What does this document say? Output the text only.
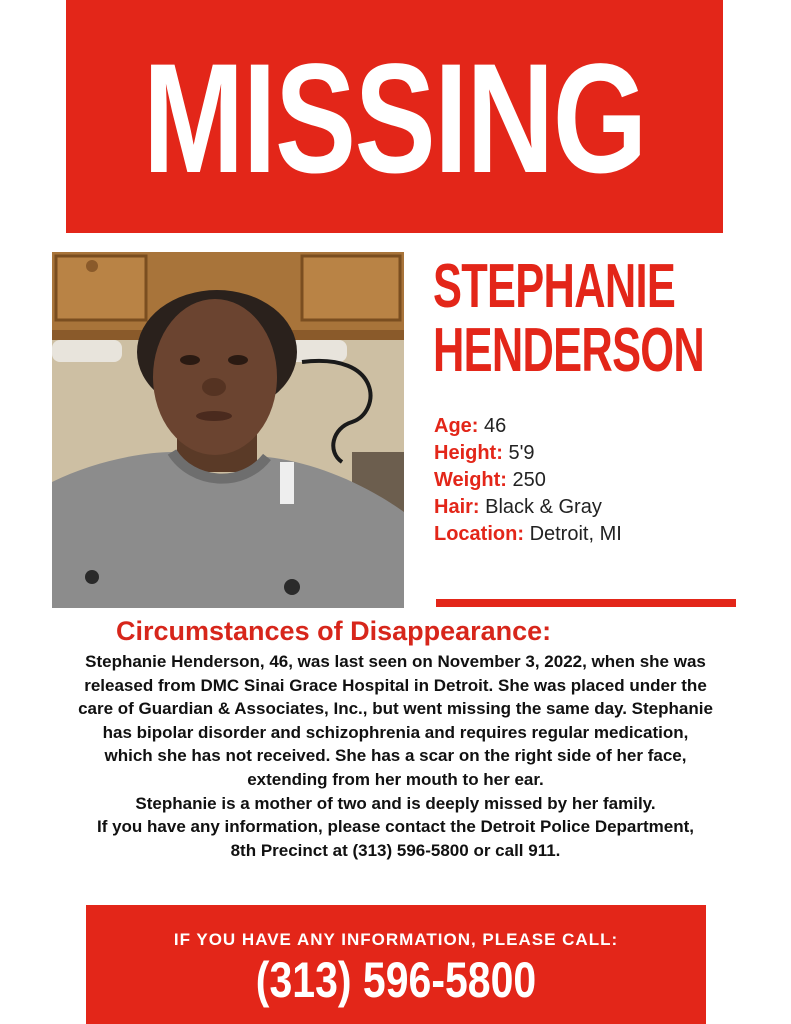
MISSING
STEPHANIE
HENDERSON
Age: 46
Height: 5'9
Weight: 250
Hair: Black & Gray
Location: Detroit, MI
Circumstances of Disappearance:
Stephanie Henderson, 46, was last seen on November 3, 2022, when she was
released from DMC Sinai Grace Hospital in Detroit. She was placed under the
care of Guardian & Associates, Inc., but went missing the same day. Stephanie
has bipolar disorder and schizophrenia and requires regular medication,
which she has not received. She has a scar on the right side of her face,
extending from her mouth to her ear.
Stephanie is a mother of two and is deeply missed by her family.
If you have any information, please contact the Detroit Police Department,
8th Precinct at (313) 596-5800 or call 911.
IF YOU HAVE ANY INFORMATION, PLEASE CALL:
(313) 596-5800
